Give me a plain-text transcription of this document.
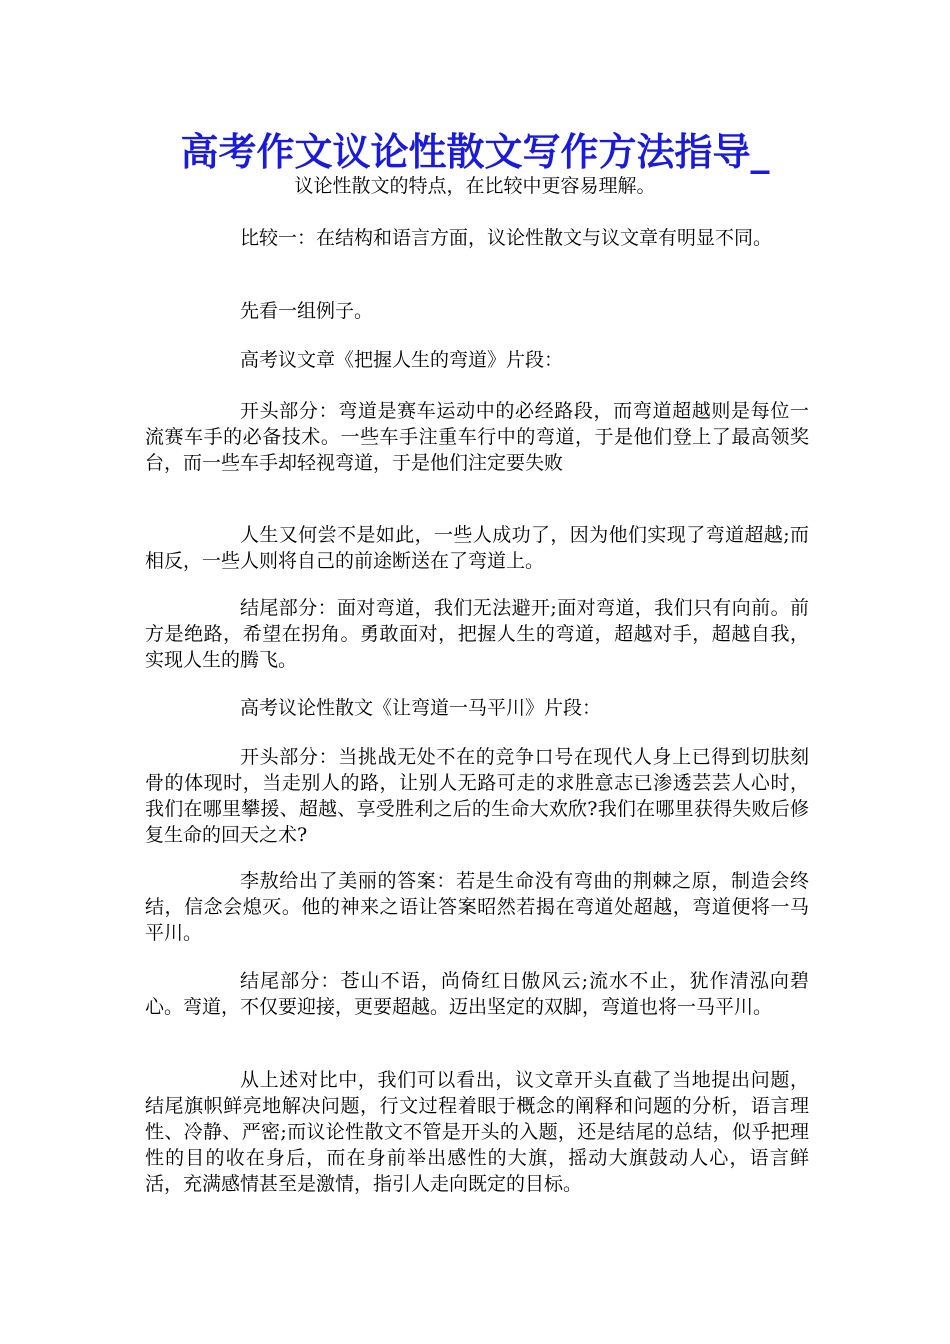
高考作文议论性散文写作方法指导_

议论性散文的特点，在比较中更容易理解。

比较一：在结构和语言方面，议论性散文与议文章有明显不同。

先看一组例子。

高考议文章《把握人生的弯道》片段：

开头部分：弯道是赛车运动中的必经路段，而弯道超越则是每位一流赛车手的必备技术。一些车手注重车行中的弯道，于是他们登上了最高领奖台，而一些车手却轻视弯道，于是他们注定要失败

人生又何尝不是如此，一些人成功了，因为他们实现了弯道超越;而相反，一些人则将自己的前途断送在了弯道上。

结尾部分：面对弯道，我们无法避开;面对弯道，我们只有向前。前方是绝路，希望在拐角。勇敢面对，把握人生的弯道，超越对手，超越自我，实现人生的腾飞。

高考议论性散文《让弯道一马平川》片段：

开头部分：当挑战无处不在的竞争口号在现代人身上已得到切肤刻骨的体现时，当走别人的路，让别人无路可走的求胜意志已渗透芸芸人心时，我们在哪里攀援、超越、享受胜利之后的生命大欢欣?我们在哪里获得失败后修复生命的回天之术?

李敖给出了美丽的答案：若是生命没有弯曲的荆棘之原，制造会终结，信念会熄灭。他的神来之语让答案昭然若揭在弯道处超越，弯道便将一马平川。

结尾部分：苍山不语，尚倚红日傲风云;流水不止，犹作清泓向碧心。弯道，不仅要迎接，更要超越。迈出坚定的双脚，弯道也将一马平川。

从上述对比中，我们可以看出，议文章开头直截了当地提出问题，结尾旗帜鲜亮地解决问题，行文过程着眼于概念的阐释和问题的分析，语言理性、冷静、严密;而议论性散文不管是开头的入题，还是结尾的总结，似乎把理性的目的收在身后，而在身前举出感性的大旗，摇动大旗鼓动人心，语言鲜活，充满感情甚至是激情，指引人走向既定的目标。
